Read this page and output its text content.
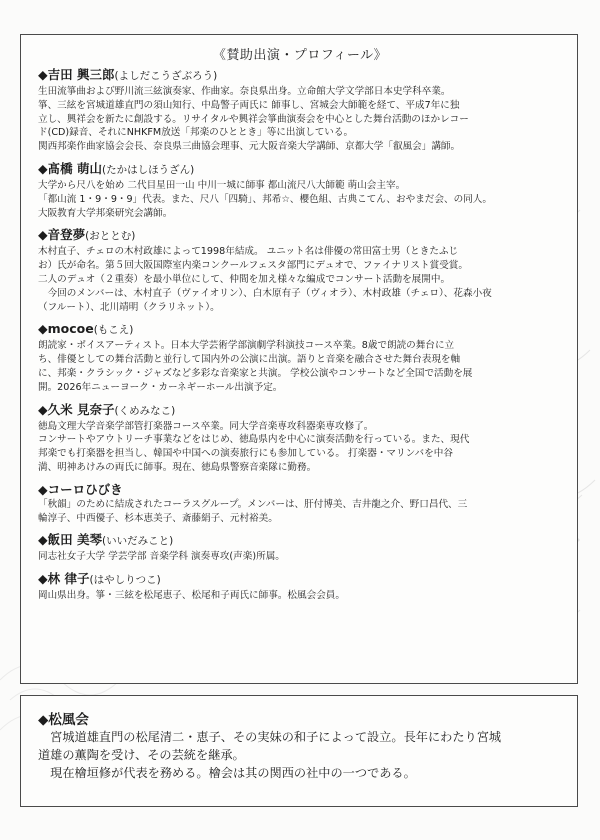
《賛助出演・プロフィール》
◆吉田 興三郎(よしだこうざぶろう)
生田流箏曲および野川流三絃演奏家、作曲家。奈良県出身。立命館大学文学部日本史学科卒業。
箏、三絃を宮城道雄直門の須山知行、中島警子両氏に 師事し、宮城会大師範を経て、平成7年に独
立し、興祥会を新たに創設する。リサイタルや興祥会箏曲演奏会を中心とした舞台活動のほかレコー
ド(CD)録音、それにNHKFM放送「邦楽のひととき」等に出演している。
関西邦楽作曲家協会会長、奈良県三曲協会理事、元大阪音楽大学講師、京都大学「叡風会」講師。
◆髙橋 萌山(たかはしほうざん)
大学から尺八を始め 二代目星田一山 中川一城に師事 都山流尺八大師範 萌山会主宰。
「都山流 1・9・9・9」代表。また、尺八「四騎」、邦希☆、櫻色組、古典こてん、おやまだ会、の同人。
大阪教育大学邦楽研究会講師。
◆音登夢(おととむ)
木村直子、チェロの木村政雄によって1998年結成。 ユニット名は俳優の常田富士男（ときたふじ
お）氏が命名。第５回大阪国際室内楽コンクールフェスタ部門にデュオで、ファイナリスト賞受賞。
二人のデュオ（２重奏）を最小単位にして、仲間を加え様々な編成でコンサート活動を展開中。
　今回のメンバーは、木村直子（ヴァイオリン）、白木原有子（ヴィオラ）、木村政雄（チェロ）、花森小夜
（フルート）、北川靖明（クラリネット）。
◆mocoe(もこえ)
朗読家・ボイスアーティスト。日本大学芸術学部演劇学科演技コース卒業。8歳で朗読の舞台に立
ち、俳優としての舞台活動と並行して国内外の公演に出演。語りと音楽を融合させた舞台表現を軸
に、邦楽・クラシック・ジャズなど多彩な音楽家と共演。 学校公演やコンサートなど全国で活動を展
開。2026年ニューヨーク・カーネギーホール出演予定。
◆久米 見奈子(くめみなこ)
徳島文理大学音楽学部管打楽器コース卒業。同大学音楽専攻科器楽専攻修了。
コンサートやアウトリーチ事業などをはじめ、徳島県内を中心に演奏活動を行っている。また、現代
邦楽でも打楽器を担当し、韓国や中国への演奏旅行にも参加している。 打楽器・マリンバを中谷
満、明神あけみの両氏に師事。現在、徳島県警察音楽隊に勤務。
◆コーロひびき
「秋韻」のために結成されたコーラスグループ。メンバーは、肝付博美、吉井龍之介、野口昌代、三
輪淳子、中西優子、杉本恵美子、斎藤絹子、元村裕美。
◆飯田 美琴(いいだみこと)
同志社女子大学 学芸学部 音楽学科 演奏専攻(声楽)所属。
◆林 律子(はやしりつこ)
岡山県出身。箏・三絃を松尾恵子、松尾和子両氏に師事。松風会会員。
◆松風会
　宮城道雄直門の松尾清二・恵子、その実妹の和子によって設立。長年にわたり宮城
道雄の薫陶を受け、その芸統を継承。
　現在檜垣修が代表を務める。檜会は其の関西の社中の一つである。
